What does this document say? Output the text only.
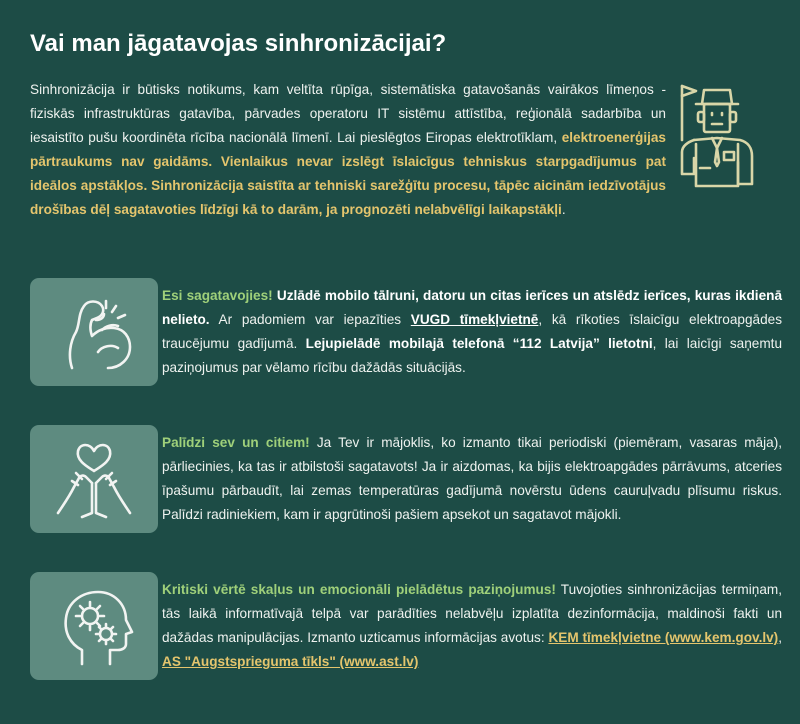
Vai man jāgatavojas sinhronizācijai?

Sinhronizācija ir būtisks notikums, kam veltīta rūpīga, sistemātiska gatavošanās vairākos līmeņos - fiziskās infrastruktūras gatavība, pārvades operatoru IT sistēmu attīstība, reģionālā sadarbība un iesaistīto pušu koordinēta rīcība nacionālā līmenī. Lai pieslēgtos Eiropas elektrotīklam, elektroenerģijas pārtraukums nav gaidāms. Vienlaikus nevar izslēgt īslaicīgus tehniskus starpgadījumus pat ideālos apstākļos. Sinhronizācija saistīta ar tehniski sarežģītu procesu, tāpēc aicinām iedzīvotājus drošības dēļ sagatavoties līdzīgi kā to darām, ja prognozēti nelabvēlīgi laikapstākļi.

Esi sagatavojies! Uzlādē mobilo tālruni, datoru un citas ierīces un atslēdz ierīces, kuras ikdienā nelieto. Ar padomiem var iepazīties VUGD tīmekļvietnē, kā rīkoties īslaicīgu elektroapgādes traucējumu gadījumā. Lejupielādē mobilajā telefonā “112 Latvija” lietotni, lai laicīgi saņemtu paziņojumus par vēlamo rīcību dažādās situācijās.
Palīdzi sev un citiem! Ja Tev ir mājoklis, ko izmanto tikai periodiski (piemēram, vasaras māja), pārliecinies, ka tas ir atbilstoši sagatavots! Ja ir aizdomas, ka bijis elektroapgādes pārrāvums, atceries īpašumu pārbaudīt, lai zemas temperatūras gadījumā novērstu ūdens cauruļvadu plīsumu riskus. Palīdzi radiniekiem, kam ir apgrūtinoši pašiem apsekot un sagatavot mājokli.
Kritiski vērtē skaļus un emocionāli pielādētus paziņojumus! Tuvojoties sinhronizācijas termiņam, tās laikā informatīvajā telpā var parādīties nelabvēļu izplatīta dezinformācija, maldinoši fakti un dažādas manipulācijas. Izmanto uzticamus informācijas avotus: KEM tīmekļvietne (www.kem.gov.lv), AS "Augstsprieguma tīkls" (www.ast.lv)
